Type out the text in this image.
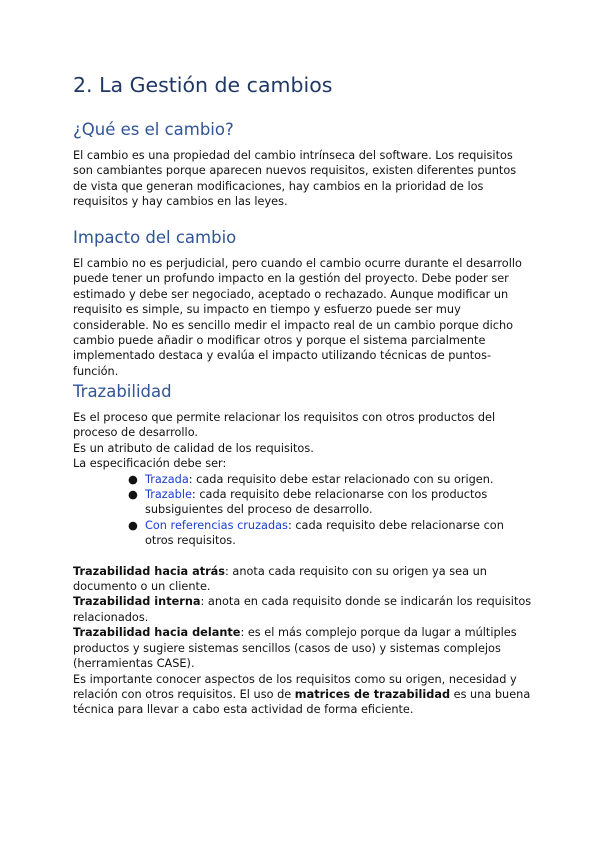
2. La Gestión de cambios
¿Qué es el cambio?

El cambio es una propiedad del cambio intrínseca del software. Los requisitos son cambiantes porque aparecen nuevos requisitos, existen diferentes puntos de vista que generan modificaciones, hay cambios en la prioridad de los requisitos y hay cambios en las leyes.

Impacto del cambio

El cambio no es perjudicial, pero cuando el cambio ocurre durante el desarrollo puede tener un profundo impacto en la gestión del proyecto. Debe poder ser estimado y debe ser negociado, aceptado o rechazado. Aunque modificar un requisito es simple, su impacto en tiempo y esfuerzo puede ser muy considerable. No es sencillo medir el impacto real de un cambio porque dicho cambio puede añadir o modificar otros y porque el sistema parcialmente implementado destaca y evalúa el impacto utilizando técnicas de puntos-función.

Trazabilidad

Es el proceso que permite relacionar los requisitos con otros productos del proceso de desarrollo.

Es un atributo de calidad de los requisitos.

La especificación debe ser:

● Trazada: cada requisito debe estar relacionado con su origen.
● Trazable: cada requisito debe relacionarse con los productos subsiguientes del proceso de desarrollo.
● Con referencias cruzadas: cada requisito debe relacionarse con otros requisitos.

Trazabilidad hacia atrás: anota cada requisito con su origen ya sea un documento o un cliente.

Trazabilidad interna: anota en cada requisito donde se indicarán los requisitos relacionados.

Trazabilidad hacia delante: es el más complejo porque da lugar a múltiples productos y sugiere sistemas sencillos (casos de uso) y sistemas complejos (herramientas CASE).

Es importante conocer aspectos de los requisitos como su origen, necesidad y relación con otros requisitos. El uso de matrices de trazabilidad es una buena técnica para llevar a cabo esta actividad de forma eficiente.
